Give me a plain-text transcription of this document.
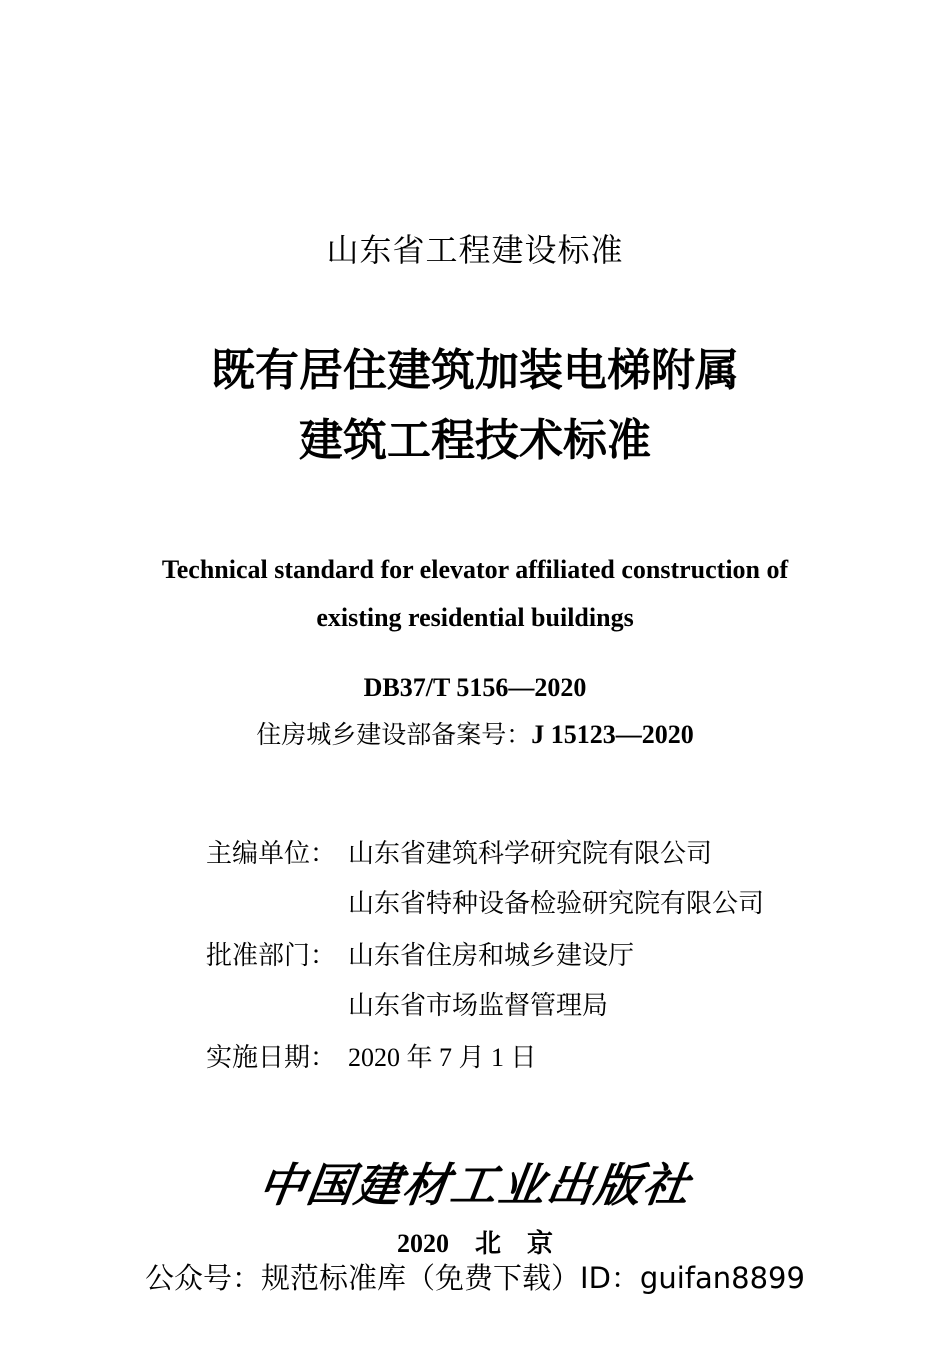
山东省工程建设标准
既有居住建筑加装电梯附属
建筑工程技术标准
Technical standard for elevator affiliated construction of
existing residential buildings
DB37/T 5156—2020
住房城乡建设部备案号：J 15123—2020
主编单位： 山东省建筑科学研究院有限公司
山东省特种设备检验研究院有限公司
批准部门： 山东省住房和城乡建设厅
山东省市场监督管理局
实施日期： 2020 年 7 月 1 日
中国建材工业出版社
2020　北　京
公众号：规范标准库（免费下载）ID：guifan8899
